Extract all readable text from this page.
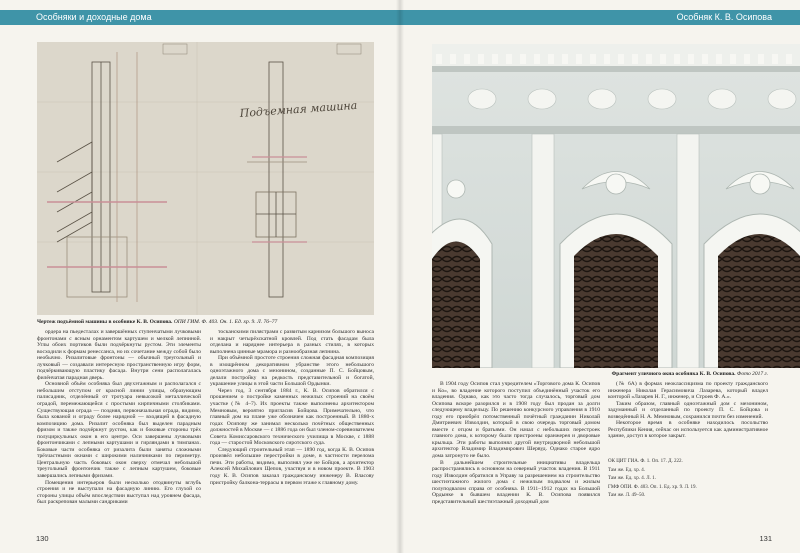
Особняки и доходные дома
Подъемная машина
Чертеж подъёмной машины в особняке К. В. Осипова. ОПИ ГИМ. Ф. 403. Он. 1. Ед. хр. 9. Л. 76–77

ордера на пьедесталах и завершённых ступенчатыми лучковыми фронтонами с ясным орнаментом картушем и мелкой лепниной. Углы обоих портиков были подчёркнуты рустом. Эти элементы восходили к формам ренессанса, но их сочетание между собой было необычно. Ризалитовые фронтоны — обычный треугольный и лучковый — создавали интересную пространственную игру форм, подчёркивающую пластику фасада. Внутри сени располагалась филёнчатая парадная дверь.

Основной объём особняка был двухэтажным и располагался с небольшим отступом от красной линии улицы, образующим палисадник, отделённый от тротуара невысокой металлической оградой, перемежающейся с простыми кирпичными столбиками. Существующая ограда — поздняя, первоначальная ограда, видимо, была кованой и ограду более нарядной — входящей в фасадную композицию дома. Ризалит особняка был выделен парадным фризом и также подчёркнут рустом, как и боковые стороны трёх полуциркульных окон в его центре. Оси завершены лучковыми фронтончиками с лепными картушами и гирляндами в тимпанах. Боковые части особняка от ризалита были заняты сложными трёхчастными окнами с широкими наличниками по периметру. Центральную часть боковых окон сверху отмечал небольшой треугольный фронтончик также с лепным картушем, боковые завершались лепными фризами.

Помещения интерьеров были несколько отодвинуты вглубь строения и не выступали на фасадную линию. Его глухой со стороны улицы объём впоследствии выступал над уровнем фасада, был раскрепован малыми сандриками

тосканскими пилястрами с развитым карнизом большого выноса и накрыт четырёхскатной кровлей. Под стать фасадам была отделана и наряднее интерьера в разных стилях, в которых выполнена цинные мрамора и разнообразная лепнина.

При объёмной простоте строения сложная фасадная композиция в изощрённом декоративном убранстве этого небольшого одноэтажного дома с мезонином, созданные П. С. Бойцовым, делали постройку на редкость представительной и богатой, украшение улицы в этой части Большой Ордынки.

Через год, 3 сентября 1884 г., К. В. Осипов обратился с прошением о постройке каменных нежилых строений на своём участке (№ 4–7). Их проекты также выполнены архитектором Мемновым, вероятно пригласив Бойцова. Примечательно, что главный дом на плане уже обозначен как построенный. В 1880-х годах Осипову же занимал несколько почётных общественных должностей в Москве — с 1886 года он был членом-соревнователем Совета Комиссаровского технического училища в Москве, с 1888 года — старостой Московского сиротского суда.

Следующий строительный этап — 1890 год, когда К. В. Осипов произвёл небольшие перестройки в доме, в частности перелома печи. Эти работы, видимо, выполнял уже не Бойцов, а архитектор Алексей Михайлович Щепов, участвуя и в новом проекте. В 1903 году К. В. Осипов заказал гражданскому инженеру В. Власову пристройку балкона-террасы в первом этаже к главному дому.

130
Особняк К. В. Осипова
Фрагмент уличного окна особняка К. В. Осипова. Фото 2017 г.

В 1904 году Осипов стал учредителем «Торгового дома К. Осипов и Ко», во владение которого поступил объединённый участок его владения. Однако, как это часто тогда случалось, торговый дом Осипова вскоре разорился и в 1908 году был продан за долги следующему владельцу. По решению конкурсного управления в 1910 году его приобрёл потомственный почётный гражданин Николай Дмитриевич Изволдин, который в свою очередь торговый домом вместе с отцом и братьями. Он начал с небольших перестроек главного дома, к которому были пристроены оранжерея и дворовые крыльца. Эти работы выполнял другой внутридворной небольшой архитектор Владимир Владимирович Шервуд. Однако старое ядро дома затронуто не было.

В дальнейшем строительные инициативы владельца распространялись в основном на северный участок владения. В 1911 году Изволдин обратился в Управу за разрешением на строительство шестиэтажного жилого дома с нежилым подвалом и жилым полуподвалом справа от особняка. В 1911–1912 годах на Большой Ордынке в бывшем владении К. В. Осипова появился представительный шестиэтажный доходный дом

(№ 6А) в формах неоклассицизма по проекту гражданского инженера Николая Герасимовича Лазарева, который владел конторой «Лазарев Н. Г., инженер, и Строев Ф. А.».

Таким образом, главный одноэтажный дом с мезонином, задуманный и отделанный по проекту П. С. Бойцова и возведённый Н. А. Мемновым, сохранился почти без изменений.

Некоторое время в особняке находилось посольство Республики Кения, сейчас он используется как административное здание, доступ в которое закрыт.

ОК ЦИТ ГИА. Ф. 1. Оп. 17. Д. 222.
Там же. Ед. хр. 4.
Там же. Ед. хр. 4. Л. 1.
ГМФ ОПИ. Ф. 403. Оп. 1. Ед. хр. 9. Л. 19.
Там же. Л. 49–50.
131
